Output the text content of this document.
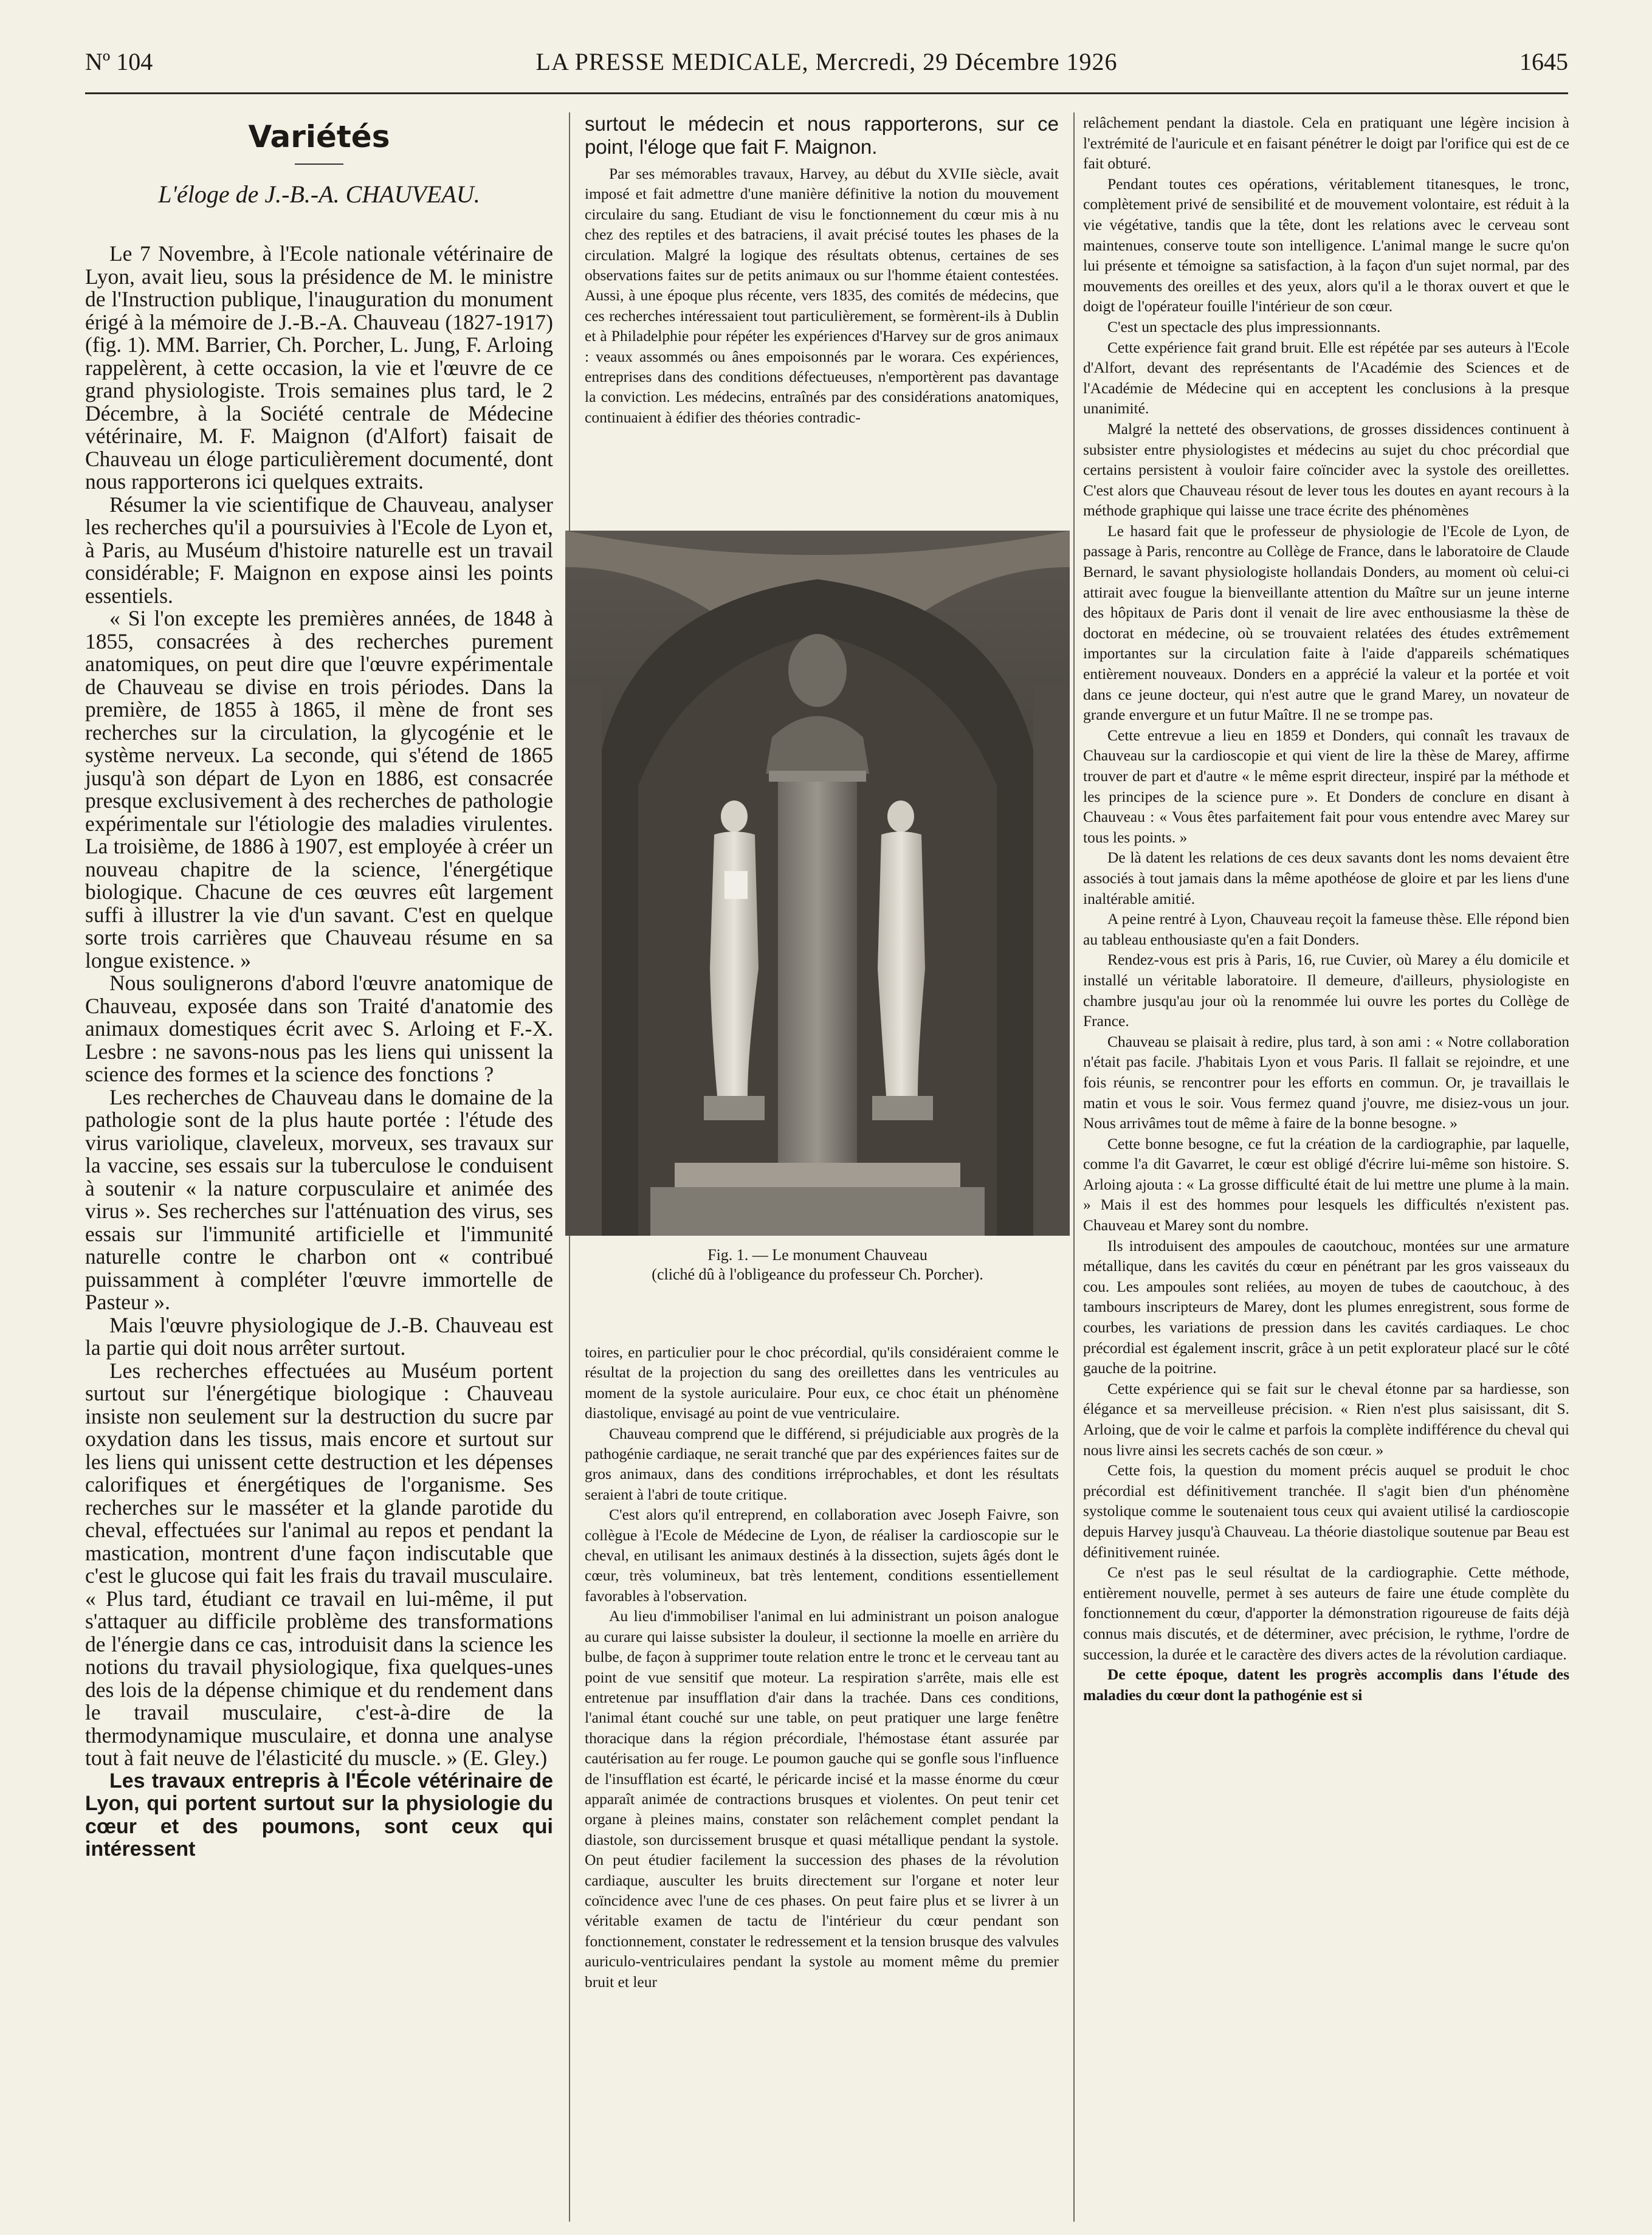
Nº 104	LA PRESSE MEDICALE, Mercredi, 29 Décembre 1926	1645
Variétés
L'éloge de J.-B.-A. CHAUVEAU.

Le 7 Novembre, à l'Ecole nationale vétérinaire de Lyon, avait lieu, sous la présidence de M. le ministre de l'Instruction publique, l'inauguration du monument érigé à la mémoire de J.-B.-A. Chauveau (1827-1917) (fig. 1). MM. Barrier, Ch. Porcher, L. Jung, F. Arloing rappelèrent, à cette occasion, la vie et l'œuvre de ce grand physiologiste. Trois semaines plus tard, le 2 Décembre, à la Société centrale de Médecine vétérinaire, M. F. Maignon (d'Alfort) faisait de Chauveau un éloge particulièrement documenté, dont nous rapporterons ici quelques extraits.

Résumer la vie scientifique de Chauveau, analyser les recherches qu'il a poursuivies à l'Ecole de Lyon et, à Paris, au Muséum d'histoire naturelle est un travail considérable; F. Maignon en expose ainsi les points essentiels.

« Si l'on excepte les premières années, de 1848 à 1855, consacrées à des recherches purement anatomiques, on peut dire que l'œuvre expérimentale de Chauveau se divise en trois périodes. Dans la première, de 1855 à 1865, il mène de front ses recherches sur la circulation, la glycogénie et le système nerveux. La seconde, qui s'étend de 1865 jusqu'à son départ de Lyon en 1886, est consacrée presque exclusivement à des recherches de pathologie expérimentale sur l'étiologie des maladies virulentes. La troisième, de 1886 à 1907, est employée à créer un nouveau chapitre de la science, l'énergétique biologique. Chacune de ces œuvres eût largement suffi à illustrer la vie d'un savant. C'est en quelque sorte trois carrières que Chauveau résume en sa longue existence. »

Nous soulignerons d'abord l'œuvre anatomique de Chauveau, exposée dans son Traité d'anatomie des animaux domestiques écrit avec S. Arloing et F.-X. Lesbre : ne savons-nous pas les liens qui unissent la science des formes et la science des fonctions ?

Les recherches de Chauveau dans le domaine de la pathologie sont de la plus haute portée : l'étude des virus variolique, claveleux, morveux, ses travaux sur la vaccine, ses essais sur la tuberculose le conduisent à soutenir « la nature corpusculaire et animée des virus ». Ses recherches sur l'atténuation des virus, ses essais sur l'immunité artificielle et l'immunité naturelle contre le charbon ont « contribué puissamment à compléter l'œuvre immortelle de Pasteur ».

Mais l'œuvre physiologique de J.-B. Chauveau est la partie qui doit nous arrêter surtout.

Les recherches effectuées au Muséum portent surtout sur l'énergétique biologique : Chauveau insiste non seulement sur la destruction du sucre par oxydation dans les tissus, mais encore et surtout sur les liens qui unissent cette destruction et les dépenses calorifiques et énergétiques de l'organisme. Ses recherches sur le masséter et la glande parotide du cheval, effectuées sur l'animal au repos et pendant la mastication, montrent d'une façon indiscutable que c'est le glucose qui fait les frais du travail musculaire. « Plus tard, étudiant ce travail en lui-même, il put s'attaquer au difficile problème des transformations de l'énergie dans ce cas, introduisit dans la science les notions du travail physiologique, fixa quelques-unes des lois de la dépense chimique et du rendement dans le travail musculaire, c'est-à-dire de la thermodynamique musculaire, et donna une analyse tout à fait neuve de l'élasticité du muscle. » (E. Gley.)

Les travaux entrepris à l'École vétérinaire de Lyon, qui portent surtout sur la physiologie du cœur et des poumons, sont ceux qui intéressent

surtout le médecin et nous rapporterons, sur ce point, l'éloge que fait F. Maignon.

Par ses mémorables travaux, Harvey, au début du XVIIe siècle, avait imposé et fait admettre d'une manière définitive la notion du mouvement circulaire du sang. Etudiant de visu le fonctionnement du cœur mis à nu chez des reptiles et des batraciens, il avait précisé toutes les phases de la circulation. Malgré la logique des résultats obtenus, certaines de ses observations faites sur de petits animaux ou sur l'homme étaient contestées. Aussi, à une époque plus récente, vers 1835, des comités de médecins, que ces recherches intéressaient tout particulièrement, se formèrent-ils à Dublin et à Philadelphie pour répéter les expériences d'Harvey sur de gros animaux : veaux assommés ou ânes empoisonnés par le worara. Ces expériences, entreprises dans des conditions défectueuses, n'emportèrent pas davantage la conviction. Les médecins, entraînés par des considérations anatomiques, continuaient à édifier des théories contradic-

Fig. 1. — Le monument Chauveau
(cliché dû à l'obligeance du professeur Ch. Porcher).

toires, en particulier pour le choc précordial, qu'ils considéraient comme le résultat de la projection du sang des oreillettes dans les ventricules au moment de la systole auriculaire. Pour eux, ce choc était un phénomène diastolique, envisagé au point de vue ventriculaire.

Chauveau comprend que le différend, si préjudiciable aux progrès de la pathogénie cardiaque, ne serait tranché que par des expériences faites sur de gros animaux, dans des conditions irréprochables, et dont les résultats seraient à l'abri de toute critique.

C'est alors qu'il entreprend, en collaboration avec Joseph Faivre, son collègue à l'Ecole de Médecine de Lyon, de réaliser la cardioscopie sur le cheval, en utilisant les animaux destinés à la dissection, sujets âgés dont le cœur, très volumineux, bat très lentement, conditions essentiellement favorables à l'observation.

Au lieu d'immobiliser l'animal en lui administrant un poison analogue au curare qui laisse subsister la douleur, il sectionne la moelle en arrière du bulbe, de façon à supprimer toute relation entre le tronc et le cerveau tant au point de vue sensitif que moteur. La respiration s'arrête, mais elle est entretenue par insufflation d'air dans la trachée. Dans ces conditions, l'animal étant couché sur une table, on peut pratiquer une large fenêtre thoracique dans la région précordiale, l'hémostase étant assurée par cautérisation au fer rouge. Le poumon gauche qui se gonfle sous l'influence de l'insufflation est écarté, le péricarde incisé et la masse énorme du cœur apparaît animée de contractions brusques et violentes. On peut tenir cet organe à pleines mains, constater son relâchement complet pendant la diastole, son durcissement brusque et quasi métallique pendant la systole. On peut étudier facilement la succession des phases de la révolution cardiaque, ausculter les bruits directement sur l'organe et noter leur coïncidence avec l'une de ces phases. On peut faire plus et se livrer à un véritable examen de tactu de l'intérieur du cœur pendant son fonctionnement, constater le redressement et la tension brusque des valvules auriculo-ventriculaires pendant la systole au moment même du premier bruit et leur

relâchement pendant la diastole. Cela en pratiquant une légère incision à l'extrémité de l'auricule et en faisant pénétrer le doigt par l'orifice qui est de ce fait obturé.

Pendant toutes ces opérations, véritablement titanesques, le tronc, complètement privé de sensibilité et de mouvement volontaire, est réduit à la vie végétative, tandis que la tête, dont les relations avec le cerveau sont maintenues, conserve toute son intelligence. L'animal mange le sucre qu'on lui présente et témoigne sa satisfaction, à la façon d'un sujet normal, par des mouvements des oreilles et des yeux, alors qu'il a le thorax ouvert et que le doigt de l'opérateur fouille l'intérieur de son cœur.

C'est un spectacle des plus impressionnants.

Cette expérience fait grand bruit. Elle est répétée par ses auteurs à l'Ecole d'Alfort, devant des représentants de l'Académie des Sciences et de l'Académie de Médecine qui en acceptent les conclusions à la presque unanimité.

Malgré la netteté des observations, de grosses dissidences continuent à subsister entre physiologistes et médecins au sujet du choc précordial que certains persistent à vouloir faire coïncider avec la systole des oreillettes. C'est alors que Chauveau résout de lever tous les doutes en ayant recours à la méthode graphique qui laisse une trace écrite des phénomènes

Le hasard fait que le professeur de physiologie de l'Ecole de Lyon, de passage à Paris, rencontre au Collège de France, dans le laboratoire de Claude Bernard, le savant physiologiste hollandais Donders, au moment où celui-ci attirait avec fougue la bienveillante attention du Maître sur un jeune interne des hôpitaux de Paris dont il venait de lire avec enthousiasme la thèse de doctorat en médecine, où se trouvaient relatées des études extrêmement importantes sur la circulation faite à l'aide d'appareils schématiques entièrement nouveaux. Donders en a apprécié la valeur et la portée et voit dans ce jeune docteur, qui n'est autre que le grand Marey, un novateur de grande envergure et un futur Maître. Il ne se trompe pas.

Cette entrevue a lieu en 1859 et Donders, qui connaît les travaux de Chauveau sur la cardioscopie et qui vient de lire la thèse de Marey, affirme trouver de part et d'autre « le même esprit directeur, inspiré par la méthode et les principes de la science pure ». Et Donders de conclure en disant à Chauveau : « Vous êtes parfaitement fait pour vous entendre avec Marey sur tous les points. »

De là datent les relations de ces deux savants dont les noms devaient être associés à tout jamais dans la même apothéose de gloire et par les liens d'une inaltérable amitié.

A peine rentré à Lyon, Chauveau reçoit la fameuse thèse. Elle répond bien au tableau enthousiaste qu'en a fait Donders.

Rendez-vous est pris à Paris, 16, rue Cuvier, où Marey a élu domicile et installé un véritable laboratoire. Il demeure, d'ailleurs, physiologiste en chambre jusqu'au jour où la renommée lui ouvre les portes du Collège de France.

Chauveau se plaisait à redire, plus tard, à son ami : « Notre collaboration n'était pas facile. J'habitais Lyon et vous Paris. Il fallait se rejoindre, et une fois réunis, se rencontrer pour les efforts en commun. Or, je travaillais le matin et vous le soir. Vous fermez quand j'ouvre, me disiez-vous un jour. Nous arrivâmes tout de même à faire de la bonne besogne. »

Cette bonne besogne, ce fut la création de la cardiographie, par laquelle, comme l'a dit Gavarret, le cœur est obligé d'écrire lui-même son histoire. S. Arloing ajouta : « La grosse difficulté était de lui mettre une plume à la main. » Mais il est des hommes pour lesquels les difficultés n'existent pas. Chauveau et Marey sont du nombre.

Ils introduisent des ampoules de caoutchouc, montées sur une armature métallique, dans les cavités du cœur en pénétrant par les gros vaisseaux du cou. Les ampoules sont reliées, au moyen de tubes de caoutchouc, à des tambours inscripteurs de Marey, dont les plumes enregistrent, sous forme de courbes, les variations de pression dans les cavités cardiaques. Le choc précordial est également inscrit, grâce à un petit explorateur placé sur le côté gauche de la poitrine.

Cette expérience qui se fait sur le cheval étonne par sa hardiesse, son élégance et sa merveilleuse précision. « Rien n'est plus saisissant, dit S. Arloing, que de voir le calme et parfois la complète indifférence du cheval qui nous livre ainsi les secrets cachés de son cœur. »

Cette fois, la question du moment précis auquel se produit le choc précordial est définitivement tranchée. Il s'agit bien d'un phénomène systolique comme le soutenaient tous ceux qui avaient utilisé la cardioscopie depuis Harvey jusqu'à Chauveau. La théorie diastolique soutenue par Beau est définitivement ruinée.

Ce n'est pas le seul résultat de la cardiographie. Cette méthode, entièrement nouvelle, permet à ses auteurs de faire une étude complète du fonctionnement du cœur, d'apporter la démonstration rigoureuse de faits déjà connus mais discutés, et de déterminer, avec précision, le rythme, l'ordre de succession, la durée et le caractère des divers actes de la révolution cardiaque.

De cette époque, datent les progrès accomplis dans l'étude des maladies du cœur dont la pathogénie est si
